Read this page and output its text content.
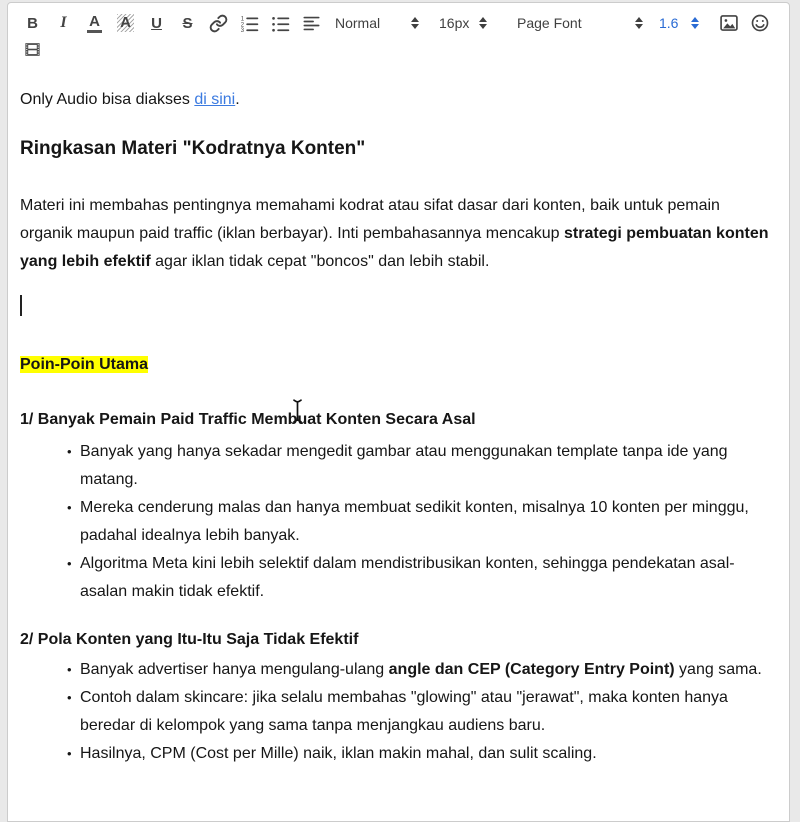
B I A A U S	1
2
3	Normal	16px	Page Font	1.6

Only Audio bisa diakses di sini.

Ringkasan Materi "Kodratnya Konten"

Materi ini membahas pentingnya memahami kodrat atau sifat dasar dari konten, baik untuk pemain organik maupun paid traffic (iklan berbayar). Inti pembahasannya mencakup strategi pembuatan konten yang lebih efektif agar iklan tidak cepat "boncos" dan lebih stabil.

Poin-Poin Utama

1/ Banyak Pemain Paid Traffic Membuat Konten Secara Asal

• Banyak yang hanya sekadar mengedit gambar atau menggunakan template tanpa ide yang matang.
• Mereka cenderung malas dan hanya membuat sedikit konten, misalnya 10 konten per minggu, padahal idealnya lebih banyak.
• Algoritma Meta kini lebih selektif dalam mendistribusikan konten, sehingga pendekatan asal-asalan makin tidak efektif.

2/ Pola Konten yang Itu-Itu Saja Tidak Efektif

• Banyak advertiser hanya mengulang-ulang angle dan CEP (Category Entry Point) yang sama.
• Contoh dalam skincare: jika selalu membahas "glowing" atau "jerawat", maka konten hanya beredar di kelompok yang sama tanpa menjangkau audiens baru.
• Hasilnya, CPM (Cost per Mille) naik, iklan makin mahal, dan sulit scaling.
